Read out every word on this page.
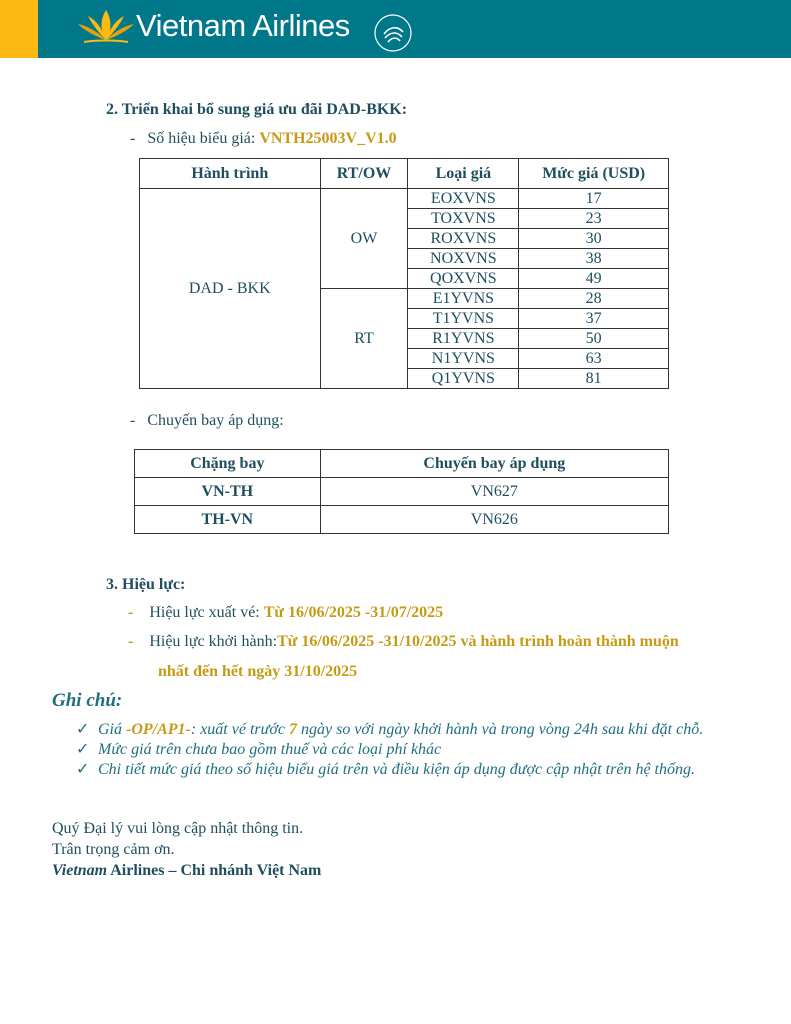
Vietnam Airlines
2. Triển khai bổ sung giá ưu đãi DAD-BKK:
-   Số hiệu biểu giá: VNTH25003V_V1.0
Hành trình	RT/OW	Loại giá	Mức giá (USD)
DAD - BKK	OW	EOXVNS	17
		TOXVNS	23
		ROXVNS	30
		NOXVNS	38
		QOXVNS	49
	RT	E1YVNS	28
		T1YVNS	37
		R1YVNS	50
		N1YVNS	63
		Q1YVNS	81
-   Chuyến bay áp dụng:
Chặng bay	Chuyến bay áp dụng
VN-TH	VN627
TH-VN	VN626
3. Hiệu lực:
-    Hiệu lực xuất vé: Từ 16/06/2025 -31/07/2025
-    Hiệu lực khởi hành:Từ 16/06/2025 -31/10/2025 và hành trình hoàn thành muộn
nhất đến hết ngày 31/10/2025
Ghi chú:
✓ Giá -OP/AP1-: xuất vé trước 7 ngày so với ngày khởi hành và trong vòng 24h sau khi đặt chỗ.
✓ Mức giá trên chưa bao gồm thuế và các loại phí khác
✓ Chi tiết mức giá theo số hiệu biểu giá trên và điều kiện áp dụng được cập nhật trên hệ thống.
Quý Đại lý vui lòng cập nhật thông tin.
Trân trọng cảm ơn.
Vietnam Airlines – Chi nhánh Việt Nam
